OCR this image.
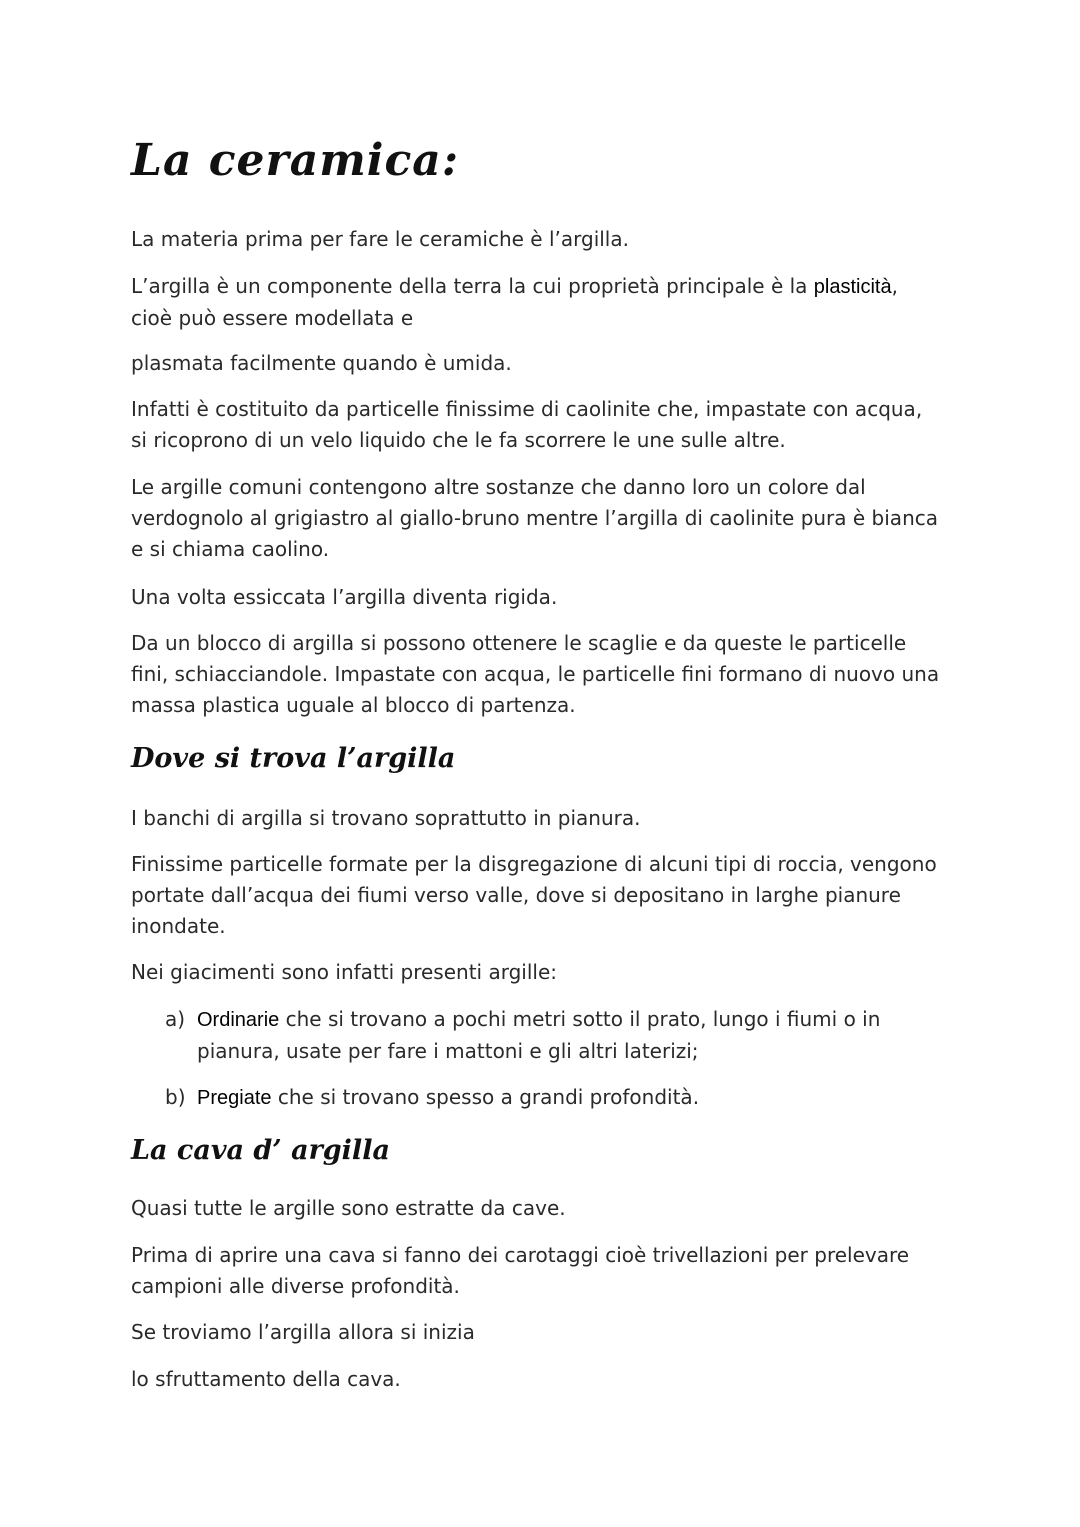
La ceramica:

La materia prima per fare le ceramiche è l’argilla.

L’argilla è un componente della terra la cui proprietà principale è la plasticità, cioè può essere modellata e

plasmata facilmente quando è umida.

Infatti è costituito da particelle finissime di caolinite che, impastate con acqua, si ricoprono di un velo liquido che le fa scorrere le une sulle altre.

Le argille comuni contengono altre sostanze che danno loro un colore dal verdognolo al grigiastro al giallo-bruno mentre l’argilla di caolinite pura è bianca e si chiama caolino.

Una volta essiccata l’argilla diventa rigida.

Da un blocco di argilla si possono ottenere le scaglie e da queste le particelle fini, schiacciandole. Impastate con acqua, le particelle fini formano di nuovo una massa plastica uguale al blocco di partenza.

Dove si trova l’argilla

I banchi di argilla si trovano soprattutto in pianura.

Finissime particelle formate per la disgregazione di alcuni tipi di roccia, vengono portate dall’acqua dei fiumi verso valle, dove si depositano in larghe pianure inondate.

Nei giacimenti sono infatti presenti argille:

a) Ordinarie che si trovano a pochi metri sotto il prato, lungo i fiumi o in pianura, usate per fare i mattoni e gli altri laterizi;
b) Pregiate che si trovano spesso a grandi profondità.
La cava d’ argilla

Quasi tutte le argille sono estratte da cave.

Prima di aprire una cava si fanno dei carotaggi cioè trivellazioni per prelevare campioni alle diverse profondità.

Se troviamo l’argilla allora si inizia

lo sfruttamento della cava.
